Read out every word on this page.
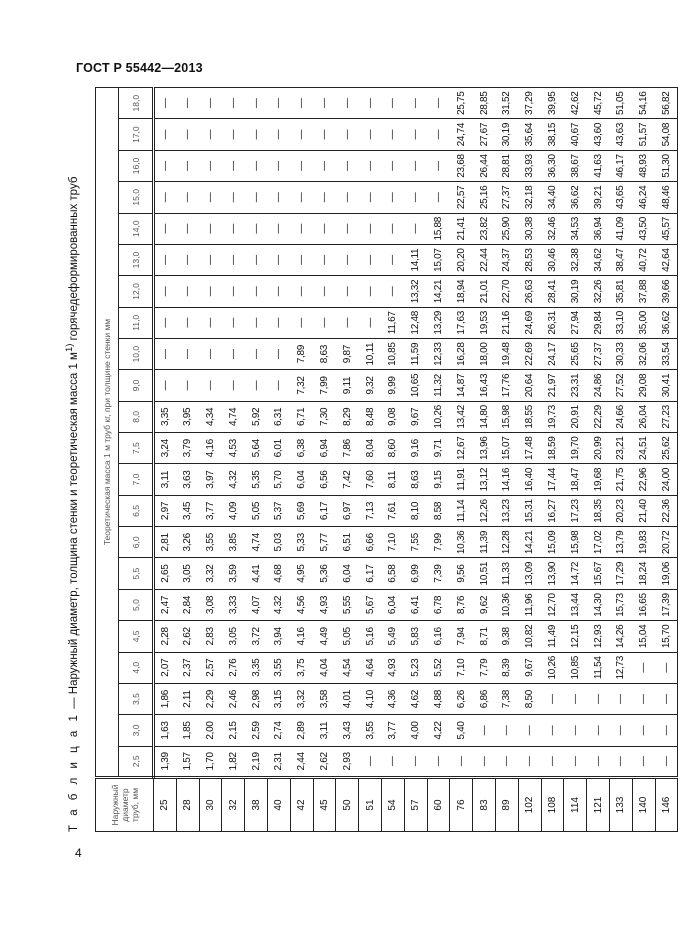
ГОСТ Р 55442—2013
Т а б л и ц а 1 — Наружный диаметр, толщина стенки и теоретическая масса 1 $м^{1)}$ горячедеформированных труб
Наружный диаметр труб, мм	Теоретическая масса 1 м труб кг, при толщине стенки мм																					
	2,5	3,0	3,5	4,0	4,5	5,0	5,5	6,0	6,5	7,0	7,5	8,0	9,0	10,0	11,0	12,0	13,0	14,0	15,0	16,0	17,0	18,0
25	1,39	1,63	1,86	2,07	2,28	2,47	2,65	2,81	2,97	3,11	3,24	3,35	—	—	—	—	—	—	—	—	—	—
28	1,57	1,85	2,11	2,37	2,62	2,84	3,05	3,26	3,45	3,63	3,79	3,95	—	—	—	—	—	—	—	—	—	—
30	1,70	2,00	2,29	2,57	2,83	3,08	3,32	3,55	3,77	3,97	4,16	4,34	—	—	—	—	—	—	—	—	—	—
32	1,82	2,15	2,46	2,76	3,05	3,33	3,59	3,85	4,09	4,32	4,53	4,74	—	—	—	—	—	—	—	—	—	—
38	2,19	2,59	2,98	3,35	3,72	4,07	4,41	4,74	5,05	5,35	5,64	5,92	—	—	—	—	—	—	—	—	—	—
40	2,31	2,74	3,15	3,55	3,94	4,32	4,68	5,03	5,37	5,70	6,01	6,31	—	—	—	—	—	—	—	—	—	—
42	2,44	2,89	3,32	3,75	4,16	4,56	4,95	5,33	5,69	6,04	6,38	6,71	7,32	7,89	—	—	—	—	—	—	—	—
45	2,62	3,11	3,58	4,04	4,49	4,93	5,36	5,77	6,17	6,56	6,94	7,30	7,99	8,63	—	—	—	—	—	—	—	—
50	2,93	3,43	4,01	4,54	5,05	5,55	6,04	6,51	6,97	7,42	7,86	8,29	9,11	9,87	—	—	—	—	—	—	—	—
51	—	3,55	4,10	4,64	5,16	5,67	6,17	6,66	7,13	7,60	8,04	8,48	9,32	10,11	—	—	—	—	—	—	—	—
54	—	3,77	4,36	4,93	5,49	6,04	6,58	7,10	7,61	8,11	8,60	9,08	9,99	10,85	11,67	—	—	—	—	—	—	—
57	—	4,00	4,62	5,23	5,83	6,41	6,99	7,55	8,10	8,63	9,16	9,67	10,65	11,59	12,48	13,32	14,11	—	—	—	—	—
60	—	4,22	4,88	5,52	6,16	6,78	7,39	7,99	8,58	9,15	9,71	10,26	11,32	12,33	13,29	14,21	15,07	15,88	—	—	—	—
76	—	5,40	6,26	7,10	7,94	8,76	9,56	10,36	11,14	11,91	12,67	13,42	14,87	16,28	17,63	18,94	20,20	21,41	22,57	23,68	24,74	25,75
83	—	—	6,86	7,79	8,71	9,62	10,51	11,39	12,26	13,12	13,96	14,80	16,43	18,00	19,53	21,01	22,44	23,82	25,16	26,44	27,67	28,85
89	—	—	7,38	8,39	9,38	10,36	11,33	12,28	13,23	14,16	15,07	15,98	17,76	19,48	21,16	22,70	24,37	25,90	27,37	28,81	30,19	31,52
102	—	—	8,50	9,67	10,82	11,96	13,09	14,21	15,31	16,40	17,48	18,55	20,64	22,69	24,69	26,63	28,53	30,38	32,18	33,93	35,64	37,29
108	—	—	—	10,26	11,49	12,70	13,90	15,09	16,27	17,44	18,59	19,73	21,97	24,17	26,31	28,41	30,46	32,46	34,40	36,30	38,15	39,95
114	—	—	—	10,85	12,15	13,44	14,72	15,98	17,23	18,47	19,70	20,91	23,31	25,65	27,94	30,19	32,38	34,53	36,62	38,67	40,67	42,62
121	—	—	—	11,54	12,93	14,30	15,67	17,02	18,35	19,68	20,99	22,29	24,86	27,37	29,84	32,26	34,62	36,94	39,21	41,63	43,60	45,72
133	—	—	—	12,73	14,26	15,73	17,29	13,79	20,23	21,75	23,21	24,66	27,52	30,33	33,10	35,81	38,47	41,09	43,65	46,17	43,63	51,05
140	—	—	—	—	15,04	16,65	18,24	19,83	21,40	22,96	24,51	26,04	29,08	32,06	35,00	37,88	40,72	43,50	46,24	48,93	51,57	54,16
146	—	—	—	—	15,70	17,39	19,06	20,72	22,36	24,00	25,62	27,23	30,41	33,54	36,62	39,66	42,64	45,57	48,46	51,30	54,08	56,82
4
